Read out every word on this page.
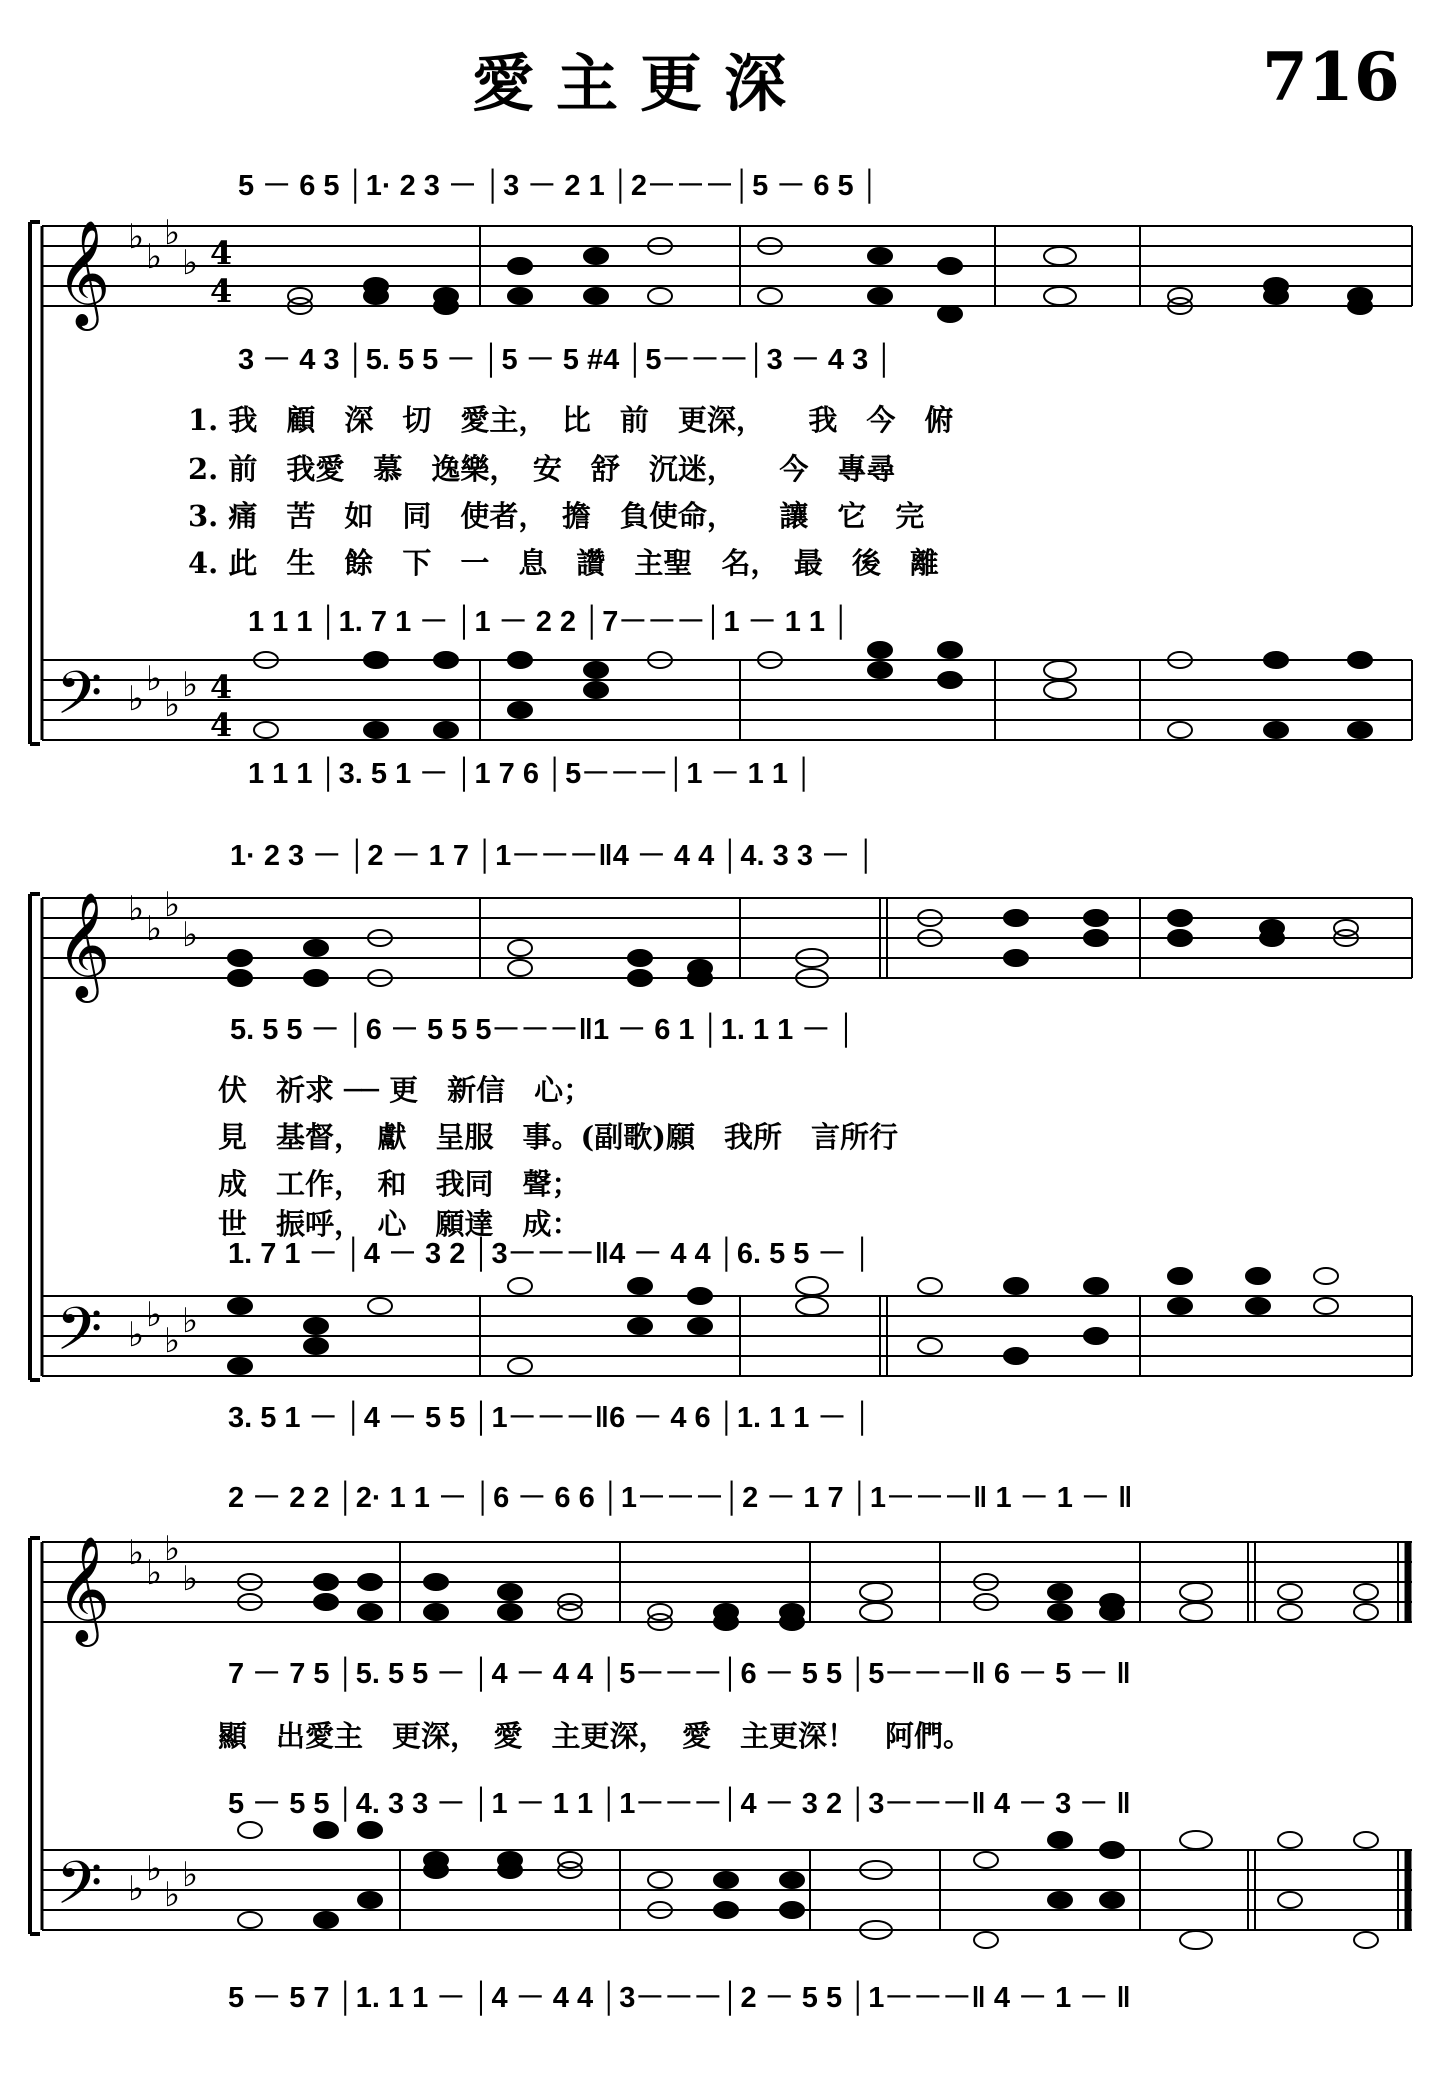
愛主更深	716
5 － 6 5 │1· 2 3 － │3 － 2 1 │2－－－│5 － 6 5 │
3 － 4 3 │5. 5 5 － │5 － 5 #4 │5－－－│3 － 4 3 │
1. 我　顧　深　切　愛主，　比　前　更深，　　我　今　俯
2. 前　我愛　慕　逸樂，　安　舒　沉迷，　　今　專尋
3. 痛　苦　如　同　使者，　擔　負使命，　　讓　它　完
4. 此　生　餘　下　一　息　讚　主聖　名，　最　後　離
1 1 1 │1. 7 1 － │1 － 2 2 │7－－－│1 － 1 1 │
1 1 1 │3. 5 1 － │1 7 6 │5－－－│1 － 1 1 │
1· 2 3 － │2 － 1 7 │1－－－‖4 － 4 4 │4. 3 3 － │
5. 5 5 － │6 － 5 5 5－－－‖1 － 6 1 │1. 1 1 － │
伏　祈求 ── 更　新信　心；
見　基督，　獻　呈服　事。(副歌)願　我所　言所行
成　工作，　和　我同　聲；
世　振呼，　心　願達　成：
1. 7 1 － │4 － 3 2 │3－－－‖4 － 4 4 │6. 5 5 － │
3. 5 1 － │4 － 5 5 │1－－－‖6 － 4 6 │1. 1 1 － │
2 － 2 2 │2· 1 1 － │6 － 6 6 │1－－－│2 － 1 7 │1－－－‖ 1 － 1 － ‖
7 － 7 5 │5. 5 5 － │4 － 4 4 │5－－－│6 － 5 5 │5－－－‖ 6 － 5 － ‖
顯　出愛主　更深，　愛　主更深，　愛　主更深！　阿們。
5 － 5 5 │4. 3 3 － │1 － 1 1 │1－－－│4 － 3 2 │3－－－‖ 4 － 3 － ‖
5 － 5 7 │1. 1 1 － │4 － 4 4 │3－－－│2 － 5 5 │1－－－‖ 4 － 1 － ‖
𝄞
𝄢
𝄞
𝄢
𝄞
𝄢
♭ ♭
♭
♭
♭ ♭
♭ ♭
♭ ♭
♭
♭
♭ ♭
♭ ♭
♭ ♭
♭
♭
♭ ♭
♭ ♭
4
4
4
4
